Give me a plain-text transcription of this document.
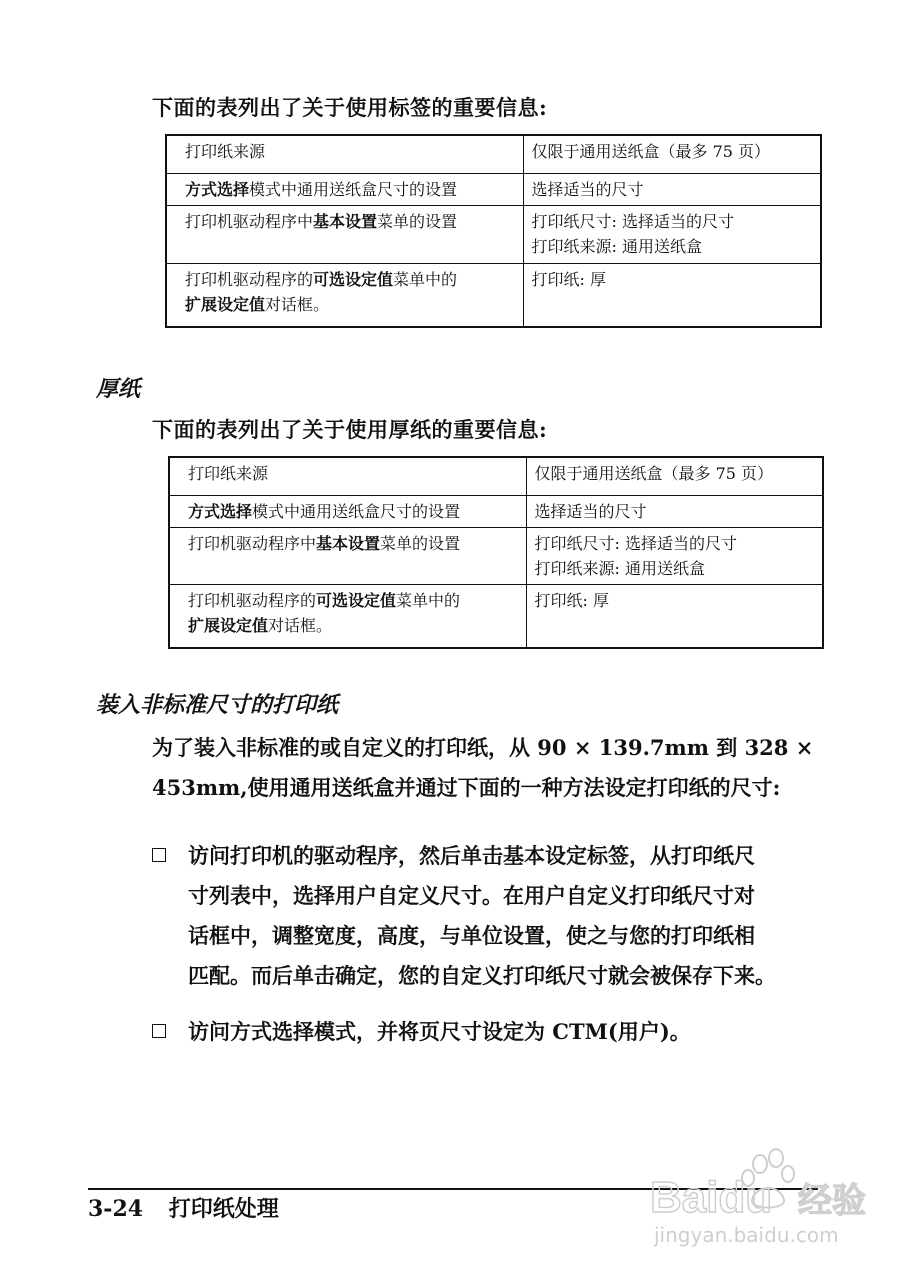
下面的表列出了关于使用标签的重要信息:
打印纸来源	仅限于通用送纸盒（最多 75 页）

方式选择模式中通用送纸盒尺寸的设置	选择适当的尺寸

打印机驱动程序中基本设置菜单的设置	打印纸尺寸: 选择适当的尺寸
打印纸来源: 通用送纸盒

打印机驱动程序的可选设定值菜单中的
扩展设定值对话框。	打印纸: 厚
厚纸
下面的表列出了关于使用厚纸的重要信息:
打印纸来源	仅限于通用送纸盒（最多 75 页）

方式选择模式中通用送纸盒尺寸的设置	选择适当的尺寸

打印机驱动程序中基本设置菜单的设置	打印纸尺寸: 选择适当的尺寸
打印纸来源: 通用送纸盒

打印机驱动程序的可选设定值菜单中的
扩展设定值对话框。	打印纸: 厚
装入非标准尺寸的打印纸
为了装入非标准的或自定义的打印纸，从 90 × 139.7mm 到 328 ×
453mm,使用通用送纸盒并通过下面的一种方法设定打印纸的尺寸:
访问打印机的驱动程序，然后单击基本设定标签，从打印纸尺
寸列表中，选择用户自定义尺寸。在用户自定义打印纸尺寸对
话框中，调整宽度，高度，与单位设置，使之与您的打印纸相
匹配。而后单击确定，您的自定义打印纸尺寸就会被保存下来。
访问方式选择模式，并将页尺寸设定为 CTM(用户)。
3-24 打印纸处理	Baidu 经验
jingyan.baidu.com
